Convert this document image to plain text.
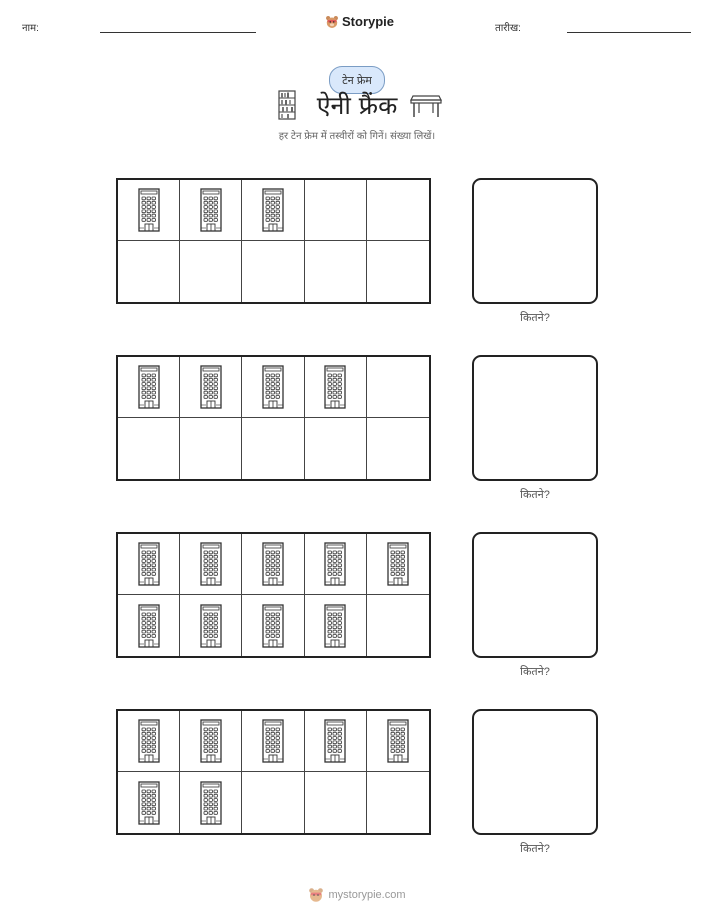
नाम:	Storypie	तारीख:
टेन फ्रेम
ऐनी फ्रैंक
हर टेन फ्रेम में तस्वीरों को गिनें। संख्या लिखें।
कितने?
कितने?
कितने?
कितने?
mystorypie.com
